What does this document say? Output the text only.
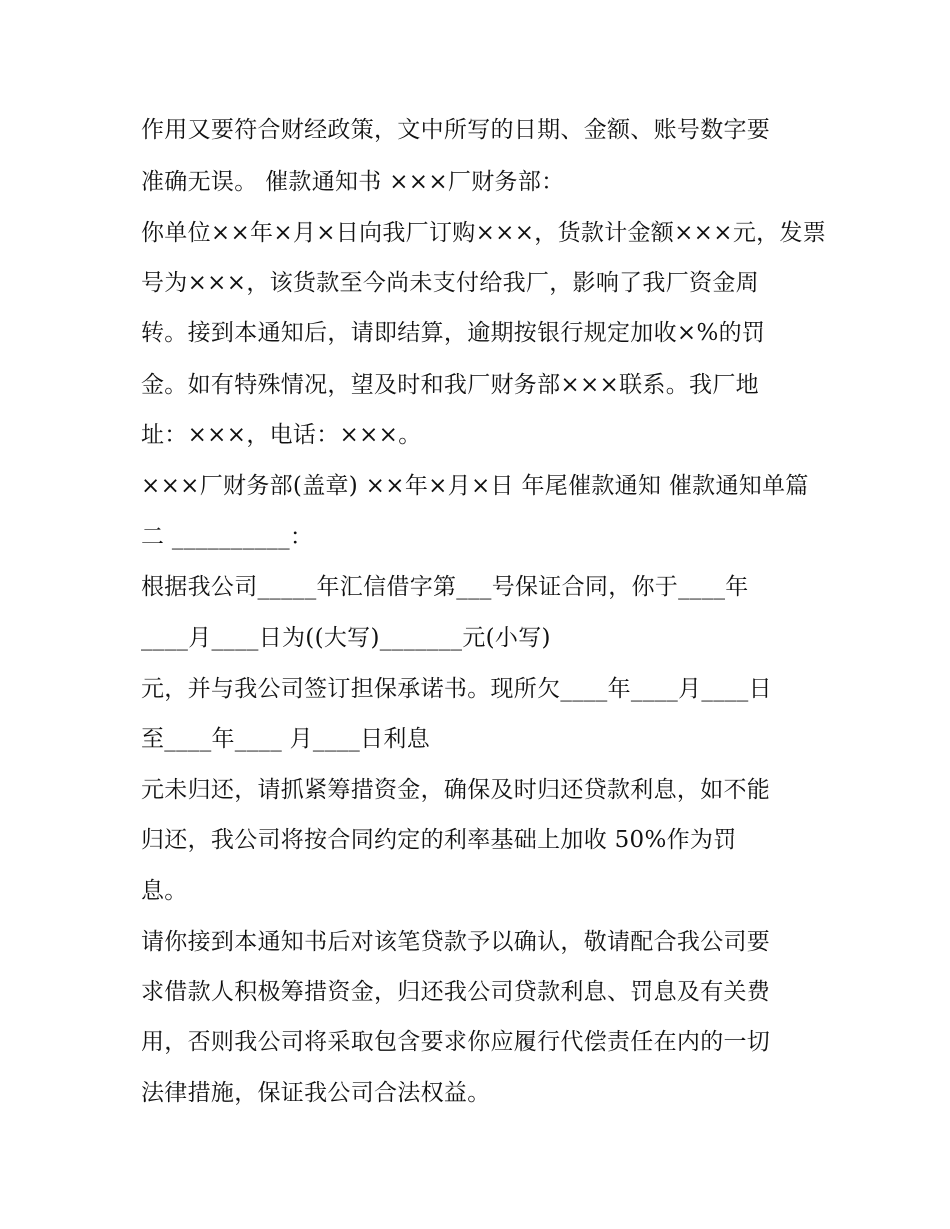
作用又要符合财经政策，文中所写的日期、金额、账号数字要
准确无误。 催款通知书 ×××厂财务部：
你单位××年×月×日向我厂订购×××，货款计金额×××元，发票
号为×××，该货款至今尚未支付给我厂，影响了我厂资金周
转。接到本通知后，请即结算，逾期按银行规定加收×%的罚
金。如有特殊情况，望及时和我厂财务部×××联系。我厂地
址：×××，电话：×××。
×××厂财务部(盖章) ××年×月×日 年尾催款通知 催款通知单篇
二 __________：
根据我公司_____年汇信借字第___号保证合同，你于____年
____月____日为((大写)_______元(小写)
元，并与我公司签订担保承诺书。现所欠____年____月____日
至____年____ 月____日利息
元未归还，请抓紧筹措资金，确保及时归还贷款利息，如不能
归还，我公司将按合同约定的利率基础上加收 50%作为罚
息。
请你接到本通知书后对该笔贷款予以确认，敬请配合我公司要
求借款人积极筹措资金，归还我公司贷款利息、罚息及有关费
用，否则我公司将采取包含要求你应履行代偿责任在内的一切
法律措施，保证我公司合法权益。
